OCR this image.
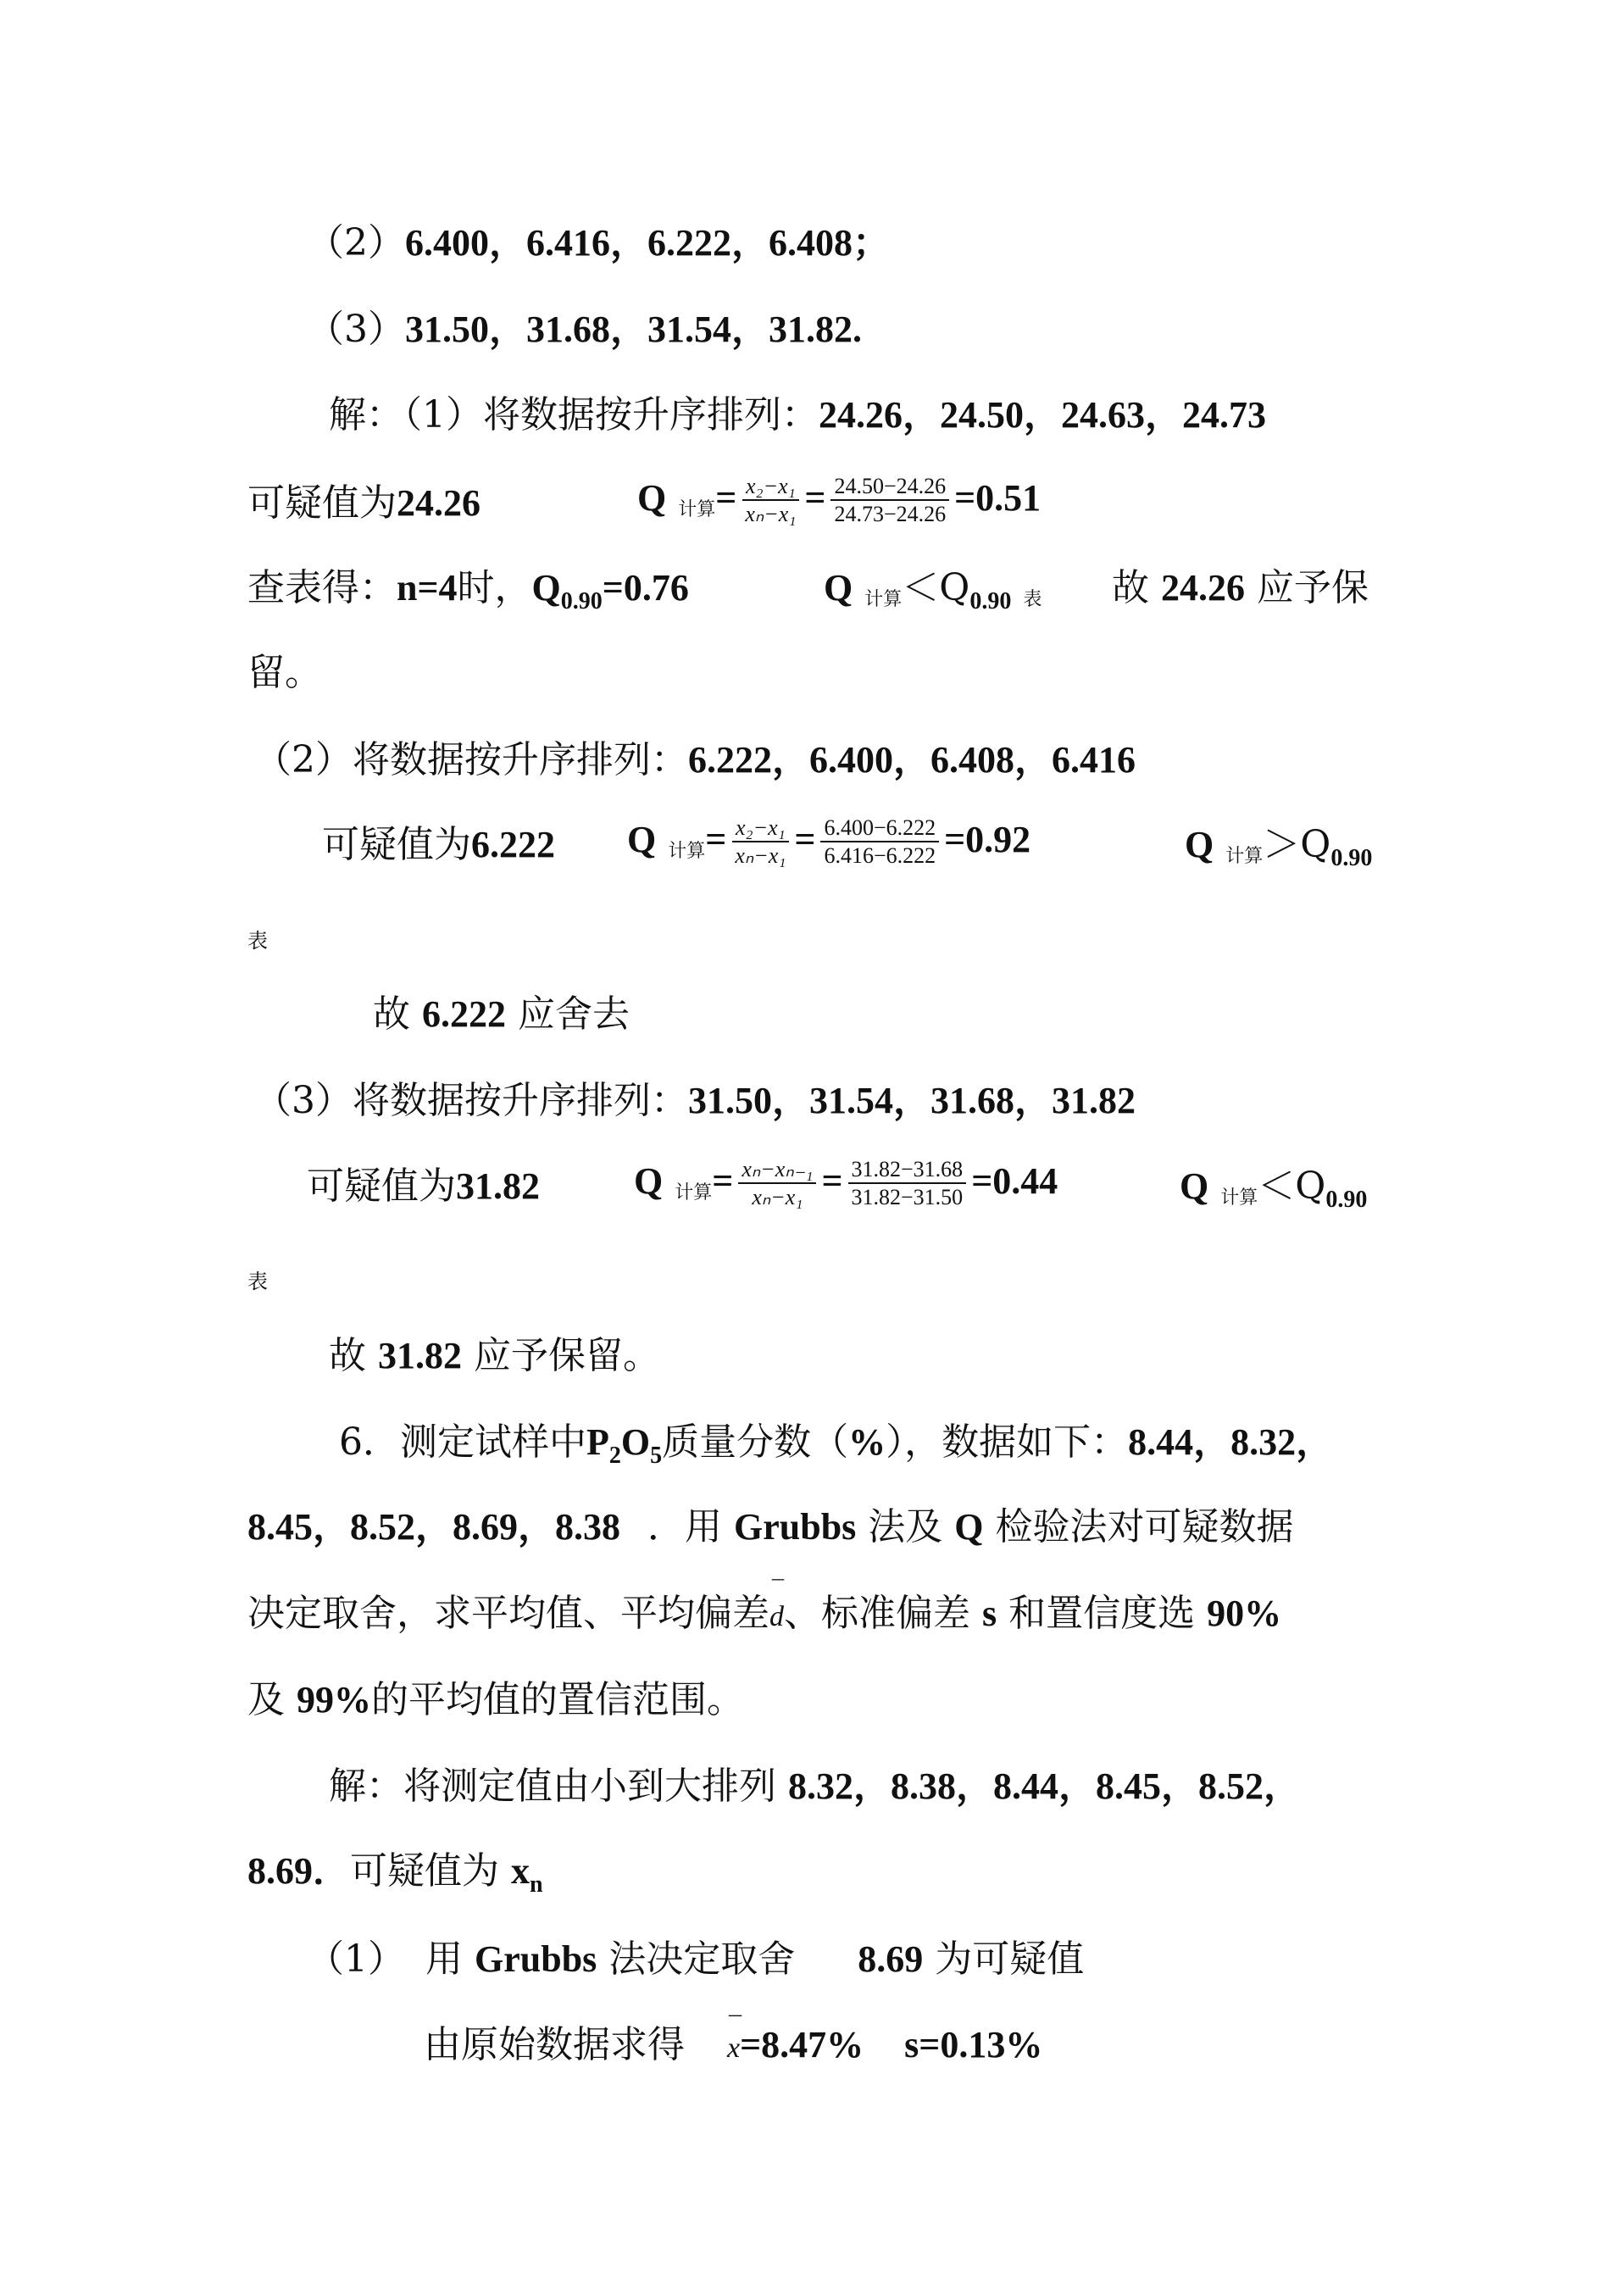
（2）6.400，6.416，6.222，6.408；
（3）31.50，31.68，31.54，31.82.
解：（1）将数据按升序排列：24.26，24.50，24.63，24.73
可疑值为24.26	Q 计算= $\frac{\text{x₂−x₁}}{\text{xₙ−x₁}} = \frac{24.50-24.26}{24.73-24.26} =0.51$
查表得：n=4时，$Q_{0.90}=0.76$	Q 计算$<Q_{0.90}$ 表 故 24.26 应予保
留。
（2）将数据按升序排列：6.222，6.400，6.408，6.416
可疑值为6.222 Q 计算= $\frac{\text{x₂−x₁}}{\text{xₙ−x₁}} = \frac{6.400-6.222}{6.416-6.222} =0.92$	Q 计算$>Q_{0.90}$
表
故 6.222 应舍去
（3）将数据按升序排列：31.50，31.54，31.68，31.82
可疑值为31.82	Q 计算= $\frac{\text{xₙ−xₙ₋₁}}{\text{xₙ−x₁}} = \frac{31.82-31.68}{31.82-31.50} =0.44$	Q 计算$<Q_{0.90}$
表
故 31.82 应予保留。
6．测定试样中$P_2O_5$质量分数（%），数据如下：8.44，8.32，
8.45，8.52，8.69，8.38 ．用 Grubbs 法及 Q 检验法对可疑数据
决定取舍，求平均值、平均偏差¯ d、标准偏差 s 和置信度选 90%
及 99%的平均值的置信范围。
解：将测定值由小到大排列 8.32，8.38，8.44，8.45，8.52，
8.69．可疑值为 $x_n$
（1） 用 Grubbs 法决定取舍 8.69 为可疑值
由原始数据求得 ¯ x=8.47% s=0.13%
